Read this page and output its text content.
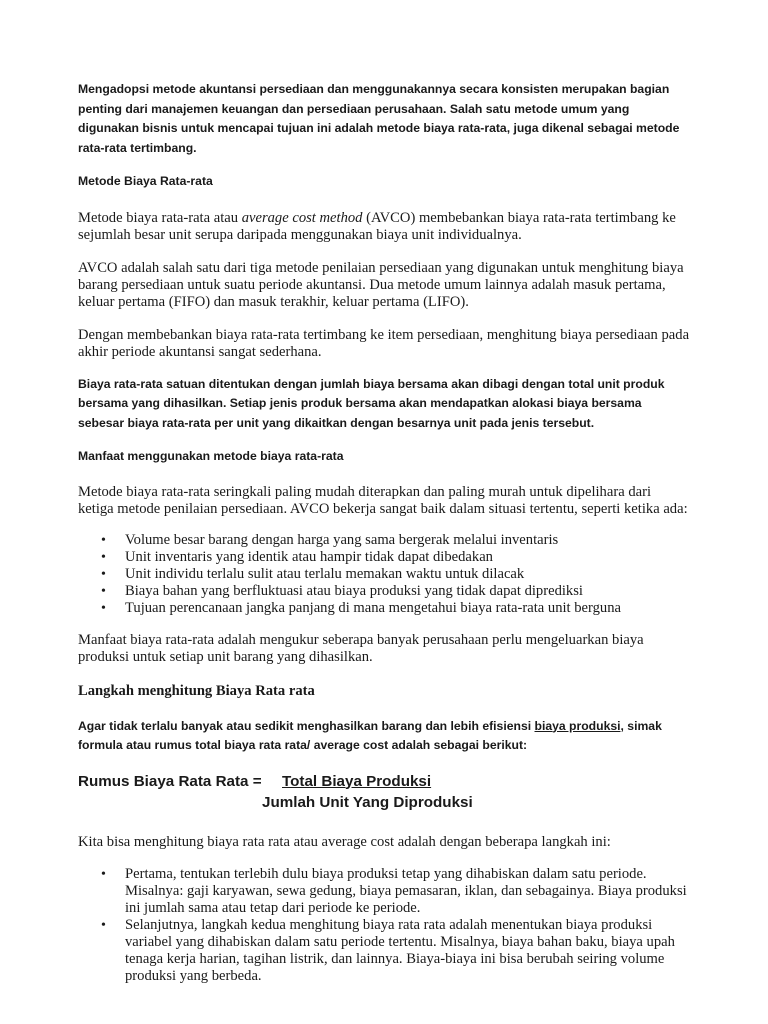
Mengadopsi metode akuntansi persediaan dan menggunakannya secara konsisten merupakan bagian penting dari manajemen keuangan dan persediaan perusahaan. Salah satu metode umum yang digunakan bisnis untuk mencapai tujuan ini adalah metode biaya rata-rata, juga dikenal sebagai metode rata-rata tertimbang.

Metode Biaya Rata-rata

Metode biaya rata-rata atau average cost method (AVCO) membebankan biaya rata-rata tertimbang ke sejumlah besar unit serupa daripada menggunakan biaya unit individualnya.

AVCO adalah salah satu dari tiga metode penilaian persediaan yang digunakan untuk menghitung biaya barang persediaan untuk suatu periode akuntansi. Dua metode umum lainnya adalah masuk pertama, keluar pertama (FIFO) dan masuk terakhir, keluar pertama (LIFO).

Dengan membebankan biaya rata-rata tertimbang ke item persediaan, menghitung biaya persediaan pada akhir periode akuntansi sangat sederhana.

Biaya rata-rata satuan ditentukan dengan jumlah biaya bersama akan dibagi dengan total unit produk bersama yang dihasilkan. Setiap jenis produk bersama akan mendapatkan alokasi biaya bersama sebesar biaya rata-rata per unit yang dikaitkan dengan besarnya unit pada jenis tersebut.

Manfaat menggunakan metode biaya rata-rata

Metode biaya rata-rata seringkali paling mudah diterapkan dan paling murah untuk dipelihara dari ketiga metode penilaian persediaan. AVCO bekerja sangat baik dalam situasi tertentu, seperti ketika ada:

• Volume besar barang dengan harga yang sama bergerak melalui inventaris
• Unit inventaris yang identik atau hampir tidak dapat dibedakan
• Unit individu terlalu sulit atau terlalu memakan waktu untuk dilacak
• Biaya bahan yang berfluktuasi atau biaya produksi yang tidak dapat diprediksi
• Tujuan perencanaan jangka panjang di mana mengetahui biaya rata-rata unit berguna

Manfaat biaya rata-rata adalah mengukur seberapa banyak perusahaan perlu mengeluarkan biaya produksi untuk setiap unit barang yang dihasilkan.

Langkah menghitung Biaya Rata rata

Agar tidak terlalu banyak atau sedikit menghasilkan barang dan lebih efisiensi biaya produksi, simak formula atau rumus total biaya rata rata/ average cost adalah sebagai berikut:

Rumus Biaya Rata Rata = Total Biaya Produksi
Jumlah Unit Yang Diproduksi

Kita bisa menghitung biaya rata rata atau average cost adalah dengan beberapa langkah ini:

• Pertama, tentukan terlebih dulu biaya produksi tetap yang dihabiskan dalam satu periode. Misalnya: gaji karyawan, sewa gedung, biaya pemasaran, iklan, dan sebagainya. Biaya produksi ini jumlah sama atau tetap dari periode ke periode.
• Selanjutnya, langkah kedua menghitung biaya rata rata adalah menentukan biaya produksi variabel yang dihabiskan dalam satu periode tertentu. Misalnya, biaya bahan baku, biaya upah tenaga kerja harian, tagihan listrik, dan lainnya. Biaya-biaya ini bisa berubah seiring volume produksi yang berbeda.
